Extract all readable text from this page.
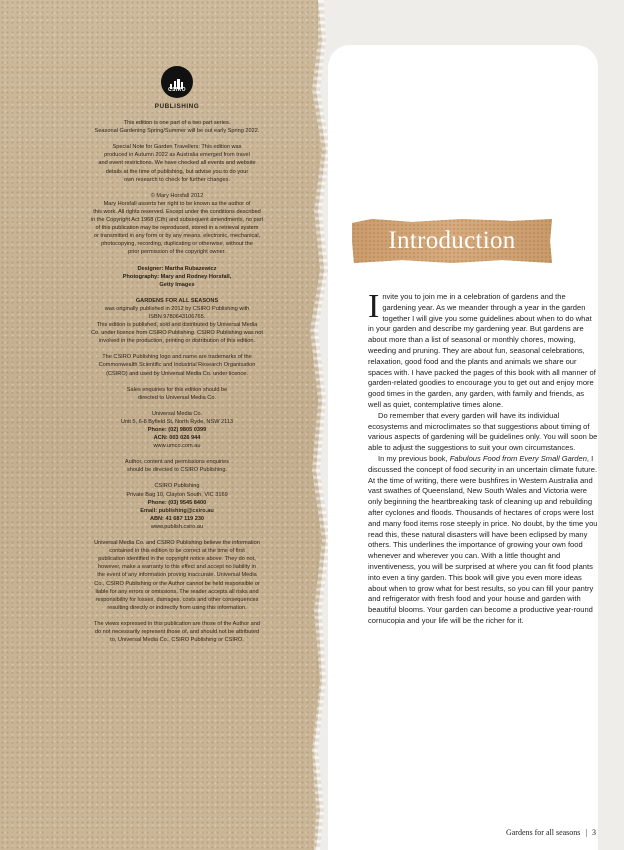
CSIRO
PUBLISHING

This edition is one part of a two part series.

Seasonal Gardening Spring/Summer will be out early Spring 2022.

Special Note for Garden Travellers: This edition was

produced in Autumn 2022 as Australia emerged from travel

and event restrictions. We have checked all events and website

details at the time of publishing, but advise you to do your

own research to check for further changes.

© Mary Horsfall 2012

Mary Horsfall asserts her right to be known as the author of

this work. All rights reserved. Except under the conditions described

in the Copyright Act 1968 (Cth) and subsequent amendments, no part

of this publication may be reproduced, stored in a retrieval system

or transmitted in any form or by any means, electronic, mechanical,

photocopying, recording, duplicating or otherwise, without the

prior permission of the copyright owner.

Designer: Martha Rubazewicz

Photography: Mary and Rodney Horsfall,

Getty Images

GARDENS FOR ALL SEASONS

was originally published in 2012 by CSIRO Publishing with

ISBN 9780643106765.

This edition is published, sold and distributed by Universal Media

Co. under licence from CSIRO Publishing. CSIRO Publishing was not

involved in the production, printing or distribution of this edition.

The CSIRO Publishing logo and name are trademarks of the

Commonwealth Scientific and Industrial Research Organisation

(CSIRO) and used by Universal Media Co. under licence.

Sales enquiries for this edition should be

directed to Universal Media Co.

Universal Media Co.

Unit 5, 6-8 Byfield St, North Ryde, NSW 2113

Phone: (02) 9805 0399

ACN: 003 026 944

www.umco.com.au

Author, content and permissions enquiries

should be directed to CSIRO Publishing.

CSIRO Publishing

Private Bag 10, Clayton South, VIC 3169

Phone: (03) 9545 8400

Email: publishing@csiro.au

ABN: 41 687 119 230

www.publish.csiro.au

Universal Media Co. and CSIRO Publishing believe the information

contained in this edition to be correct at the time of first

publication identified in the copyright notice above. They do not,

however, make a warranty to this effect and accept no liability in

the event of any information proving inaccurate. Universal Media

Co., CSIRO Publishing or the Author cannot be held responsible or

liable for any errors or omissions. The reader accepts all risks and

responsibility for losses, damages, costs and other consequences

resulting directly or indirectly from using this information.

The views expressed in this publication are those of the Author and

do not necessarily represent those of, and should not be attributed

to, Universal Media Co., CSIRO Publishing or CSIRO.

Introduction

Invite you to join me in a celebration of gardens and the gardening year. As we meander through a year in the garden together I will give you some guidelines about when to do what in your garden and describe my gardening year. But gardens are about more than a list of seasonal or monthly chores, mowing, weeding and pruning. They are about fun, seasonal celebrations, relaxation, good food and the plants and animals we share our spaces with. I have packed the pages of this book with all manner of garden-related goodies to encourage you to get out and enjoy more good times in the garden, any garden, with family and friends, as well as quiet, contemplative times alone.

Do remember that every garden will have its individual ecosystems and microclimates so that suggestions about timing of various aspects of gardening will be guidelines only. You will soon be able to adjust the suggestions to suit your own circumstances.

In my previous book, Fabulous Food from Every Small Garden, I discussed the concept of food security in an uncertain climate future. At the time of writing, there were bushfires in Western Australia and vast swathes of Queensland, New South Wales and Victoria were only beginning the heartbreaking task of cleaning up and rebuilding after cyclones and floods. Thousands of hectares of crops were lost and many food items rose steeply in price. No doubt, by the time you read this, these natural disasters will have been eclipsed by many others. This underlines the importance of growing your own food whenever and wherever you can. With a little thought and inventiveness, you will be surprised at where you can fit food plants into even a tiny garden. This book will give you even more ideas about when to grow what for best results, so you can fill your pantry and refrigerator with fresh food and your house and garden with beautiful blooms. Your garden can become a productive year-round cornucopia and your life will be the richer for it.

Gardens for all seasons | 3
